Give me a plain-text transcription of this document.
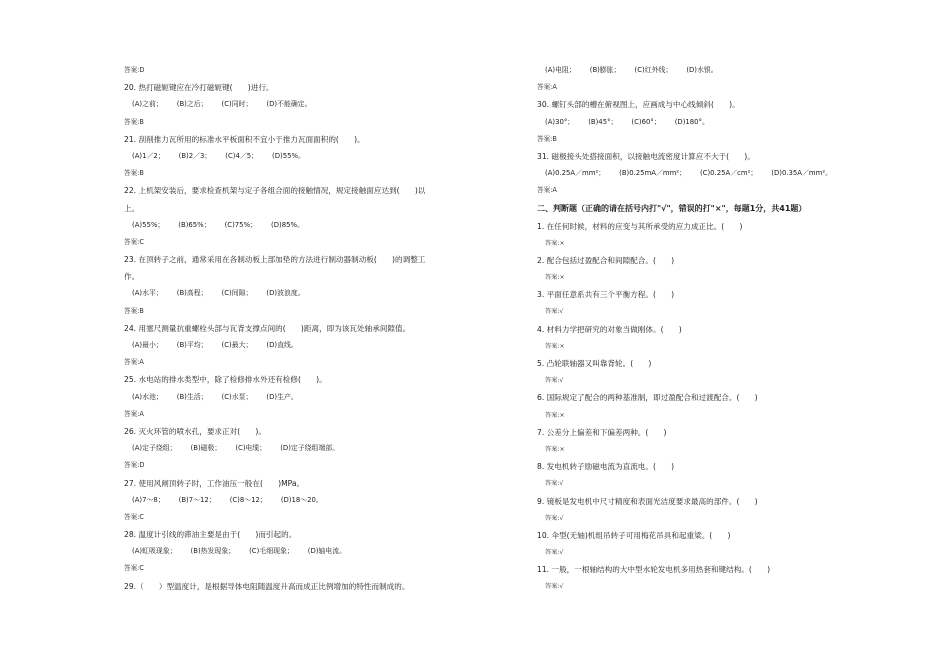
答案:D
20. 热打磁轭键应在冷打磁轭键(　　)进行。
(A)之前； (B)之后； (C)同时； (D)不能确定。
答案:B
21. 刮削推力瓦所用的标准水平板面积不宜小于推力瓦面面积的(　　)。
(A)1／2； (B)2／3； (C)4／5； (D)55%。
答案:B
22. 上机架安装后，要求检查机架与定子各组合面的接触情况，规定接触面应达到(　　)以
上。
(A)55%； (B)65%； (C)75%； (D)85%。
答案:C
23. 在顶转子之前，通常采用在各制动板上部加垫的方法进行制动器制动板(　　)的调整工
作。
(A)水平； (B)高程； (C)间隙； (D)波浪度。
答案:B
24. 用塞尺测量抗重螺栓头部与瓦背支撑点间的(　　)距离，即为该瓦处轴承间隙值。
(A)最小； (B)平均； (C)最大； (D)直线。
答案:A
25. 水电站的排水类型中，除了检修排水外还有检修(　　)。
(A)水池； (B)生活； (C)水泵； (D)生产。
答案:A
26. 灭火环管的喷水孔，要求正对(　　)。
(A)定子绕组； (B)磁极； (C)电缆； (D)定子绕组端部。
答案:D
27. 使用风闸顶转子时，工作油压一般在(　　)MPa。
(A)7～8； (B)7～12； (C)8～12； (D)18～20。
答案:C
28. 温度计引线的滞油主要是由于(　　)而引起的。
(A)虹吸现象； (B)热发现象； (C)毛细现象； (D)轴电流。
答案:C
29.（　　）型温度计，是根据导体电阻随温度升高而成正比例增加的特性而制成的。
(A)电阻； (B)膨胀； (C)红外线； (D)水银。
答案:A
30. 螺钉头部的槽在俯视图上，应画成与中心线倾斜(　　)。
(A)30°； (B)45°； (C)60°； (D)180°。
答案:B
31. 磁极接头处搭接面积，以接触电流密度计算应不大于(　　)。
(A)0.25A／mm²； (B)0.25mA／mm²； (C)0.25A／cm²； (D)0.35A／mm²。
答案:A
二、判断题（正确的请在括号内打"√"，错误的打"×"，每题1分，共41题）
1. 在任何时候，材料的应变与其所承受的应力成正比。(　　)
答案:×
2. 配合包括过盈配合和间隙配合。(　　)
答案:×
3. 平面任意系共有三个平衡方程。(　　)
答案:√
4. 材料力学把研究的对象当做刚体。(　　)
答案:×
5. 凸轮联轴器又叫靠背轮。(　　)
答案:√
6. 国际规定了配合的两种基准制，即过盈配合和过渡配合。(　　)
答案:×
7. 公差分上偏差和下偏差两种。(　　)
答案:×
8. 发电机转子励磁电流为直流电。(　　)
答案:√
9. 镜板是发电机中尺寸精度和表面光洁度要求最高的部件。(　　)
答案:√
10. 伞型(无轴)机组吊转子可用梅花吊具和起重梁。(　　)
答案:√
11. 一般，一根轴结构的大中型水轮发电机多用热套和键结构。(　　)
答案:√
